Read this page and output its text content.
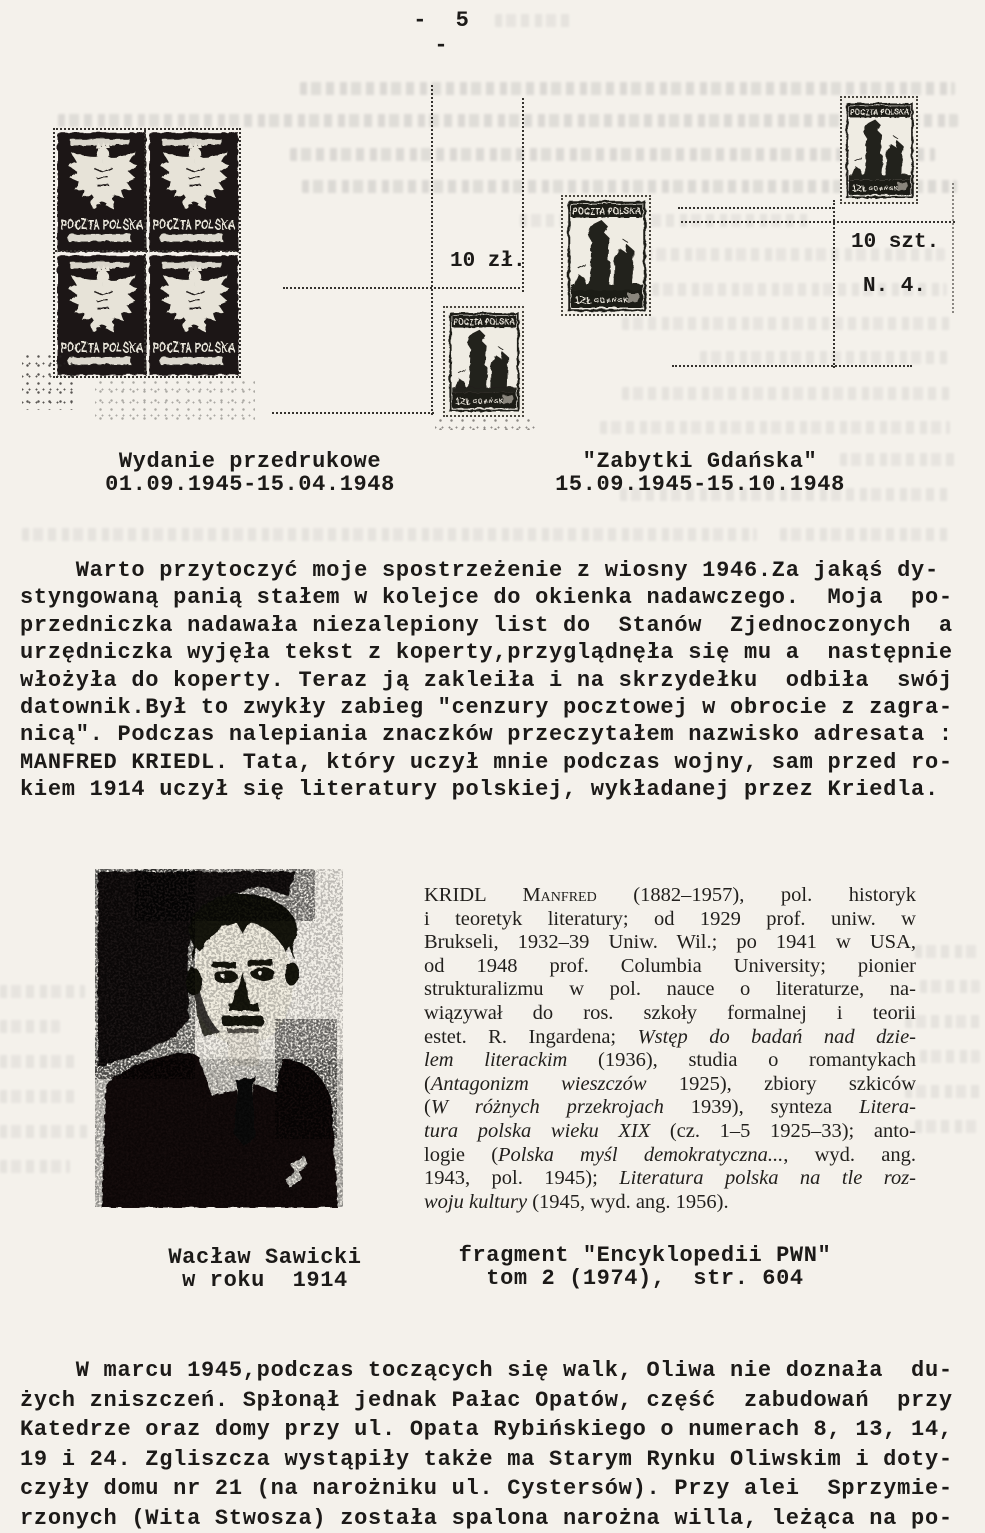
- 5 -
10 zł.
10 szt.
N. 4.
Wydanie przedrukowe
01.09.1945-15.04.1948
"Zabytki Gdańska"
15.09.1945-15.10.1948
Warto przytoczyć moje spostrzeżenie z wiosny 1946.Za jakąś dy-
styngowaną panią stałem w kolejce do okienka nadawczego.  Moja  po-
przedniczka nadawała niezalepiony list do  Stanów  Zjednoczonych  a
urzędniczka wyjęła tekst z koperty,przyglądnęła się mu a  następnie
włożyła do koperty. Teraz ją zakleiła i na skrzydełku  odbiła  swój
datownik.Był to zwykły zabieg "cenzury pocztowej w obrocie z zagra-
nicą". Podczas nalepiania znaczków przeczytałem nazwisko adresata :
MANFRED KRIEDL. Tata, który uczył mnie podczas wojny, sam przed ro-
kiem 1914 uczył się literatury polskiej, wykładanej przez Kriedla.
KRIDL Manfred (1882–1957), pol. historyk
i teoretyk literatury; od 1929 prof. uniw. w
Brukseli, 1932–39 Uniw. Wil.; po 1941 w USA,
od 1948 prof. Columbia University; pionier
strukturalizmu w pol. nauce o literaturze, na-
wiązywał do ros. szkoły formalnej i teorii
estet. R. Ingardena; Wstęp do badań nad dzie-
lem literackim (1936), studia o romantykach
(Antagonizm wieszczów 1925), zbiory szkiców
(W różnych przekrojach 1939), synteza Litera-
tura polska wieku XIX (cz. 1–5 1925–33); anto-
logie (Polska myśl demokratyczna..., wyd. ang.
1943, pol. 1945); Literatura polska na tle roz-
woju kultury (1945, wyd. ang. 1956).
Wacław Sawicki
w roku  1914
fragment "Encyklopedii PWN"
tom 2 (1974),  str. 604
W marcu 1945,podczas toczących się walk, Oliwa nie doznała  du-
żych zniszczeń. Spłonął jednak Pałac Opatów, część  zabudowań  przy
Katedrze oraz domy przy ul. Opata Rybińskiego o numerach 8, 13, 14,
19 i 24. Zgliszcza wystąpiły także ma Starym Rynku Oliwskim i doty-
czyły domu nr 21 (na narożniku ul. Cystersów). Przy alei  Sprzymie-
rzonych (Wita Stwosza) została spalona narożna willa, leżąca na po-
